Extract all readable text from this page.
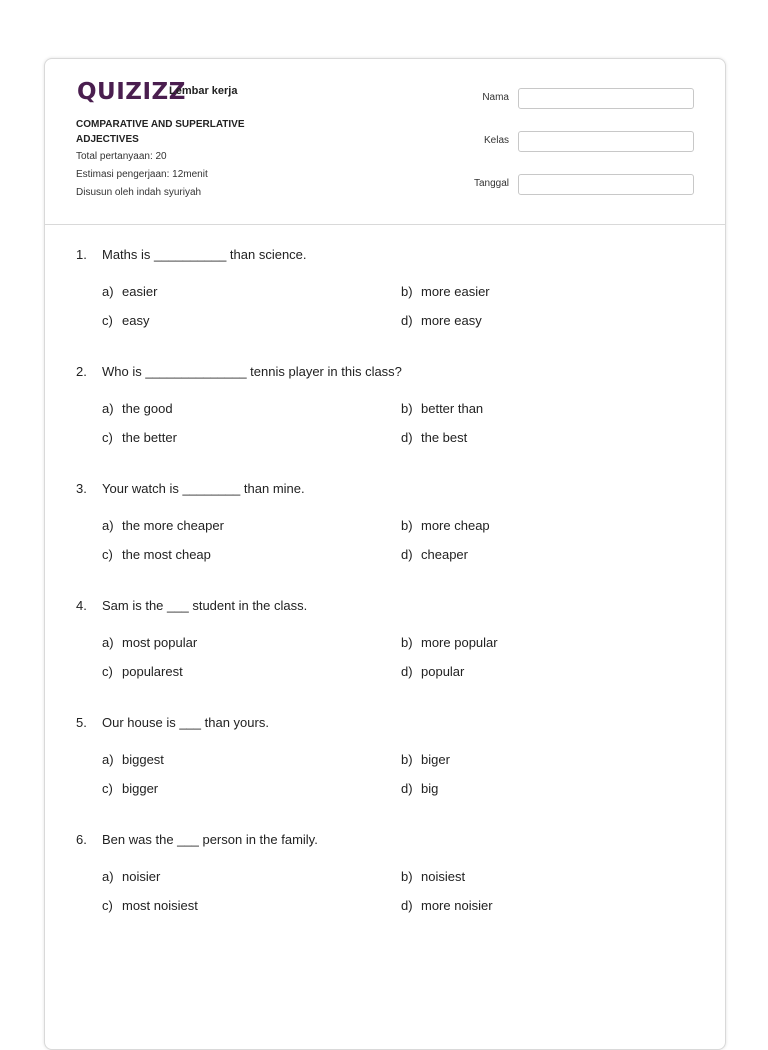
QUIZIZZ
Lembar kerja
COMPARATIVE AND SUPERLATIVE ADJECTIVES
Total pertanyaan: 20
Estimasi pengerjaan: 12menit
Disusun oleh indah syuriyah
Nama
Kelas
Tanggal
1. Maths is __________ than science.
a) easier	b) more easier
c) easy	d) more easy
2. Who is ______________ tennis player in this class?
a) the good	b) better than
c) the better	d) the best
3. Your watch is ________ than mine.
a) the more cheaper	b) more cheap
c) the most cheap	d) cheaper
4. Sam is the ___ student in the class.
a) most popular	b) more popular
c) popularest	d) popular
5. Our house is ___ than yours.
a) biggest	b) biger
c) bigger	d) big
6. Ben was the ___ person in the family.
a) noisier	b) noisiest
c) most noisiest	d) more noisier
